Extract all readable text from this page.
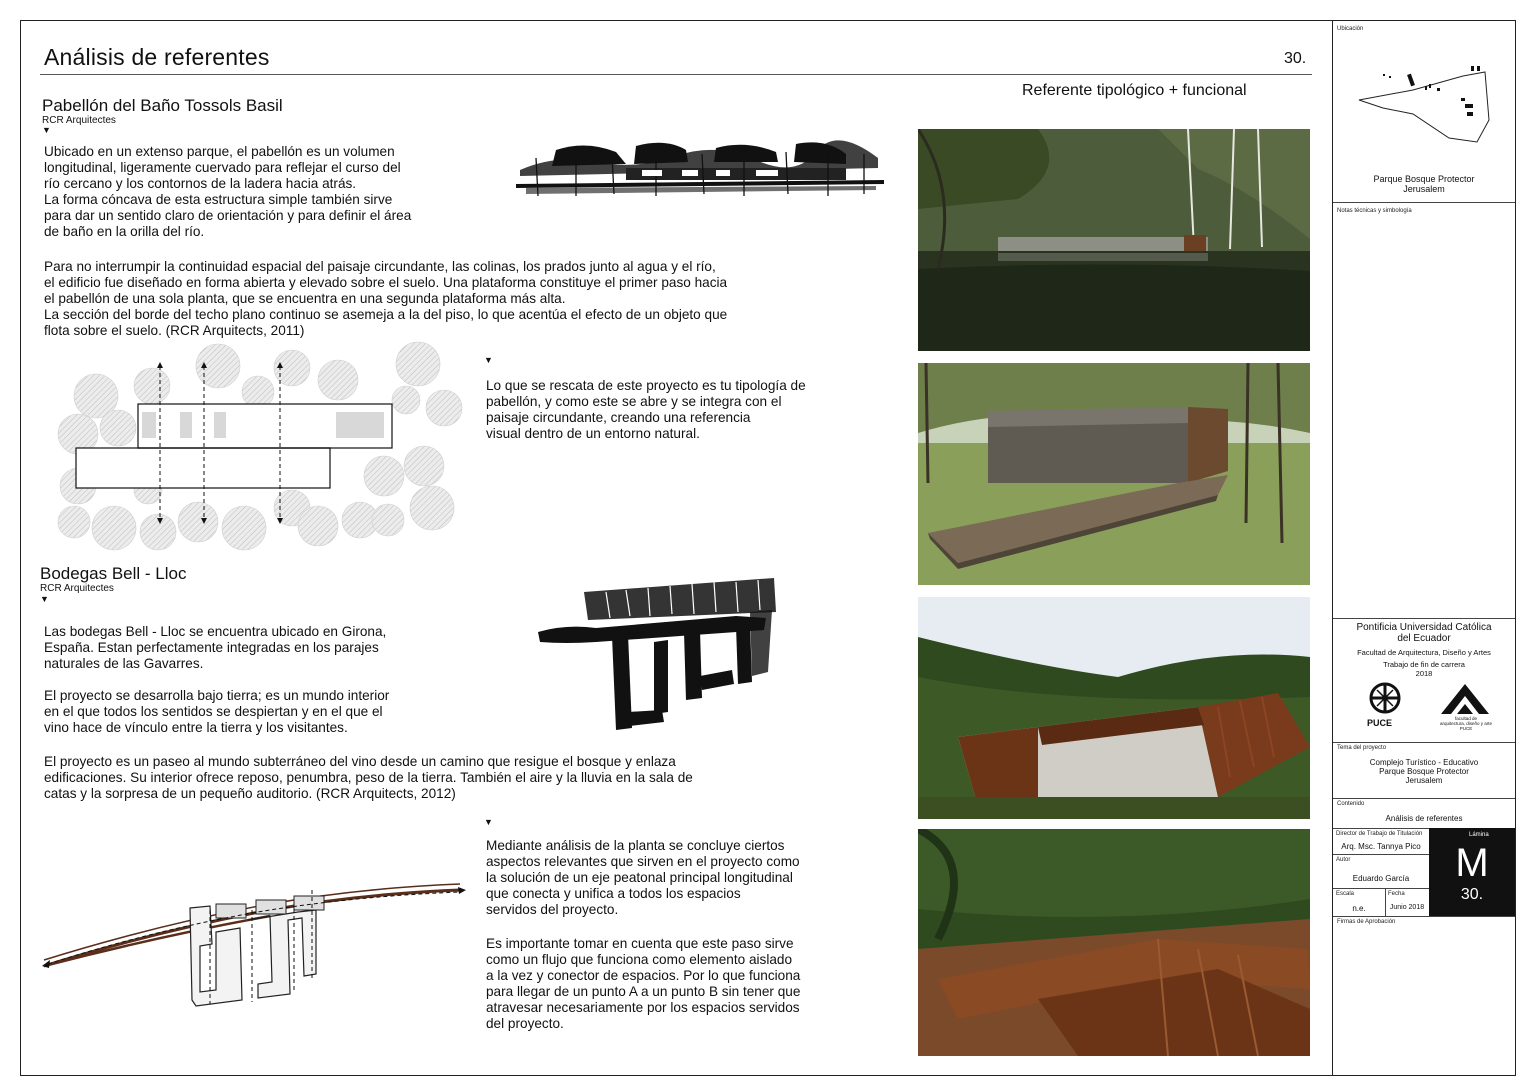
Análisis de referentes	30.
Referente tipológico + funcional
Pabellón del Baño Tossols Basil
RCR Arquitectes
▼
Ubicado en un extenso parque, el pabellón es un volumen
longitudinal, ligeramente cuervado para reflejar el curso del
río cercano y los contornos de la ladera hacia atrás.
La forma cóncava de esta estructura simple también sirve
para dar un sentido claro de orientación y para definir el área
de baño en la orilla del río.
Para no interrumpir la continuidad espacial del paisaje circundante, las colinas, los prados junto al agua y el río,
el edificio fue diseñado en forma abierta y elevado sobre el suelo. Una plataforma constituye el primer paso hacia
el pabellón de una sola planta, que se encuentra en una segunda plataforma más alta.
La sección del borde del techo plano continuo se asemeja a la del piso, lo que acentúa el efecto de un objeto que
flota sobre el suelo. (RCR Arquitects, 2011)
▼
Lo que se rescata de este proyecto es tu tipología de
pabellón, y como este se abre y se integra con el
paisaje circundante, creando una referencia
visual dentro de un entorno natural.
Bodegas Bell - Lloc
RCR Arquitectes
▼
Las bodegas Bell - Lloc se encuentra ubicado en Girona,
España. Estan perfectamente integradas en los parajes
naturales de las Gavarres.
El proyecto se desarrolla bajo tierra; es un mundo interior
en el que todos los sentidos se despiertan y en el que el
vino hace de vínculo entre la tierra y los visitantes.
El proyecto es un paseo al mundo subterráneo del vino desde un camino que resigue el bosque y enlaza
edificaciones. Su interior ofrece reposo, penumbra, peso de la tierra. También el aire y la lluvia en la sala de
catas y la sorpresa de un pequeño auditorio. (RCR Arquitects, 2012)
▼
Mediante análisis de la planta se concluye ciertos
aspectos relevantes que sirven en el proyecto como
la solución de un eje peatonal principal longitudinal
que conecta y unifica a todos los espacios
servidos del proyecto.
Es importante tomar en cuenta que este paso sirve
como un flujo que funciona como elemento aislado
a la vez y conector de espacios. Por lo que funciona
para llegar de un punto A a un punto B sin tener que
atravesar necesariamente por los espacios servidos
del proyecto.
Ubicación
Parque Bosque Protector
Jerusalem
Notas técnicas y simbología
Pontificia Universidad Católica
del Ecuador
Facultad de Arquitectura, Diseño y Artes
Trabajo de fin de carrera
2018
PUCE	facultad de
arquitectura, diseño y arte
PUCE
Tema del proyecto
Complejo Turístico - Educativo
Parque Bosque Protector
Jerusalem
Contenido
Análisis de referentes
Director de Trabajo de Titulación
Arq. Msc. Tannya Pico
Autor
Eduardo García
Escala
n.e.
Fecha
Junio 2018
Lámina
M
30.
Firmas de Aprobación
